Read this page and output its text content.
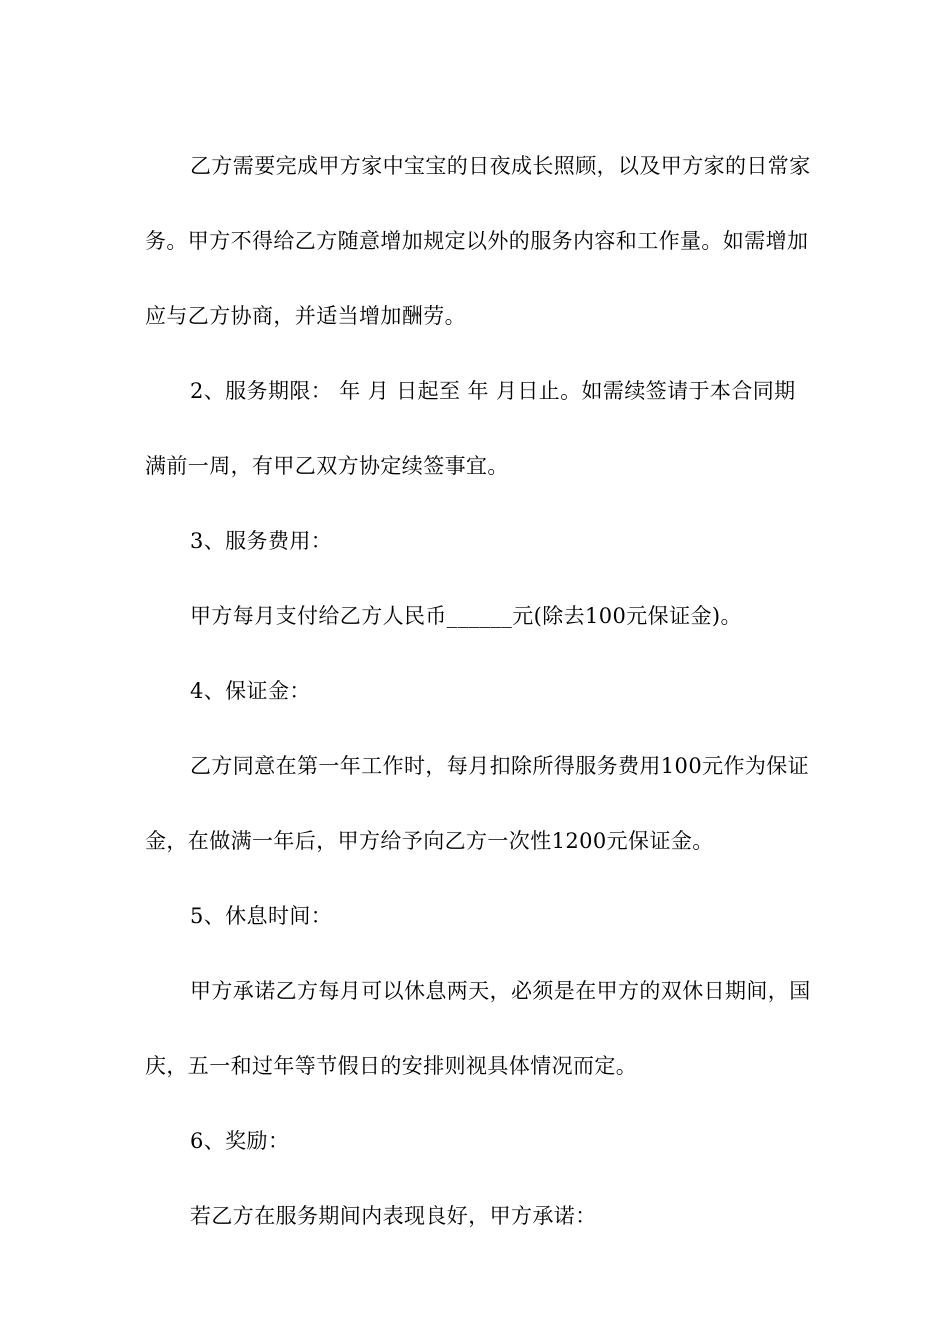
乙方需要完成甲方家中宝宝的日夜成长照顾，以及甲方家的日常家务。甲方不得给乙方随意增加规定以外的服务内容和工作量。如需增加应与乙方协商，并适当增加酬劳。

2、服务期限： 年 月 日起至 年 月日止。如需续签请于本合同期满前一周，有甲乙双方协定续签事宜。

3、服务费用：

甲方每月支付给乙方人民币______元(除去100元保证金)。

4、保证金：

乙方同意在第一年工作时，每月扣除所得服务费用100元作为保证金，在做满一年后，甲方给予向乙方一次性1200元保证金。

5、休息时间：

甲方承诺乙方每月可以休息两天，必须是在甲方的双休日期间，国庆，五一和过年等节假日的安排则视具体情况而定。

6、奖励：

若乙方在服务期间内表现良好，甲方承诺：
